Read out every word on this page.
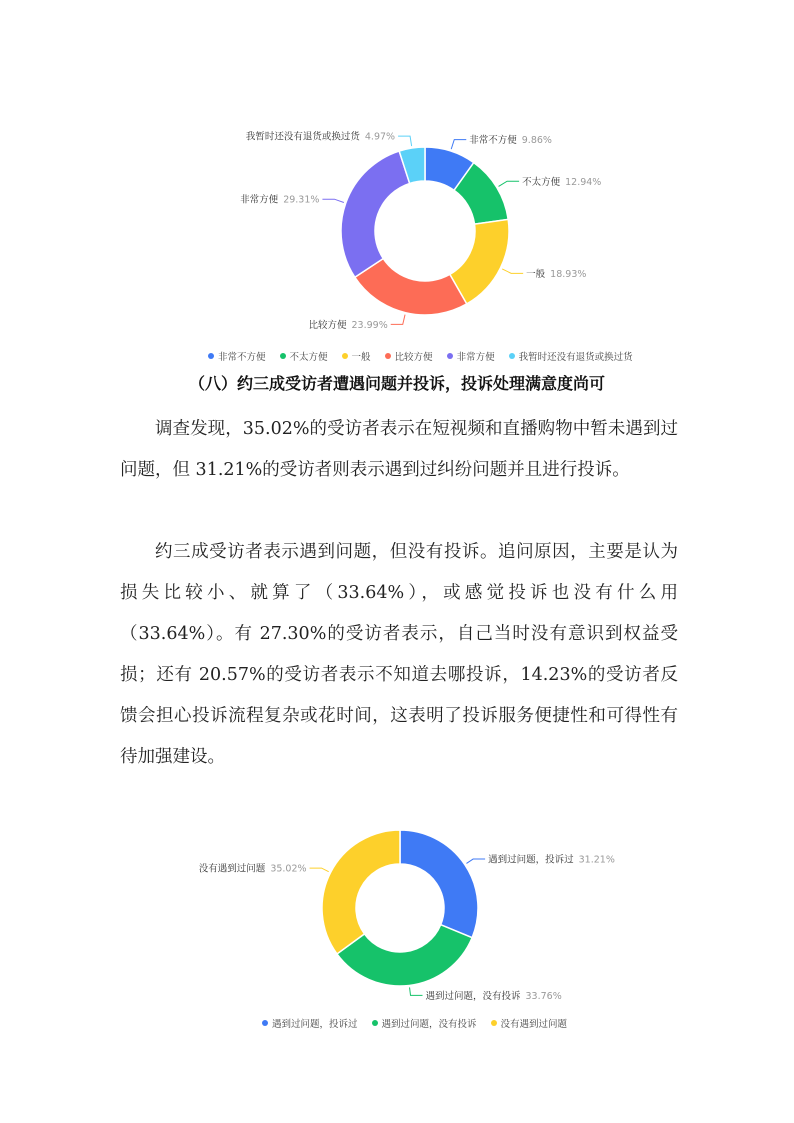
非常不方便 9.86%
不太方便 12.94%
一般 18.93%
比较方便 23.99%
非常方便 29.31%
我暂时还没有退货或换过货 4.97%
非常不方便	不太方便	一般	比较方便	非常方便	我暂时还没有退货或换过货
（八）约三成受访者遭遇问题并投诉，投诉处理满意度尚可

调查发现，35.02%的受访者表示在短视频和直播购物中暂未遇到过问题，但 31.21%的受访者则表示遇到过纠纷问题并且进行投诉。

约三成受访者表示遇到问题，但没有投诉。追问原因，主要是认为损失比较小、就算了（33.64%），或感觉投诉也没有什么用（33.64%）。有 27.30%的受访者表示，自己当时没有意识到权益受损；还有 20.57%的受访者表示不知道去哪投诉，14.23%的受访者反馈会担心投诉流程复杂或花时间，这表明了投诉服务便捷性和可得性有待加强建设。

遇到过问题，投诉过 31.21%
遇到过问题，没有投诉 33.76%
没有遇到过问题 35.02%
遇到过问题，投诉过	遇到过问题，没有投诉	没有遇到过问题
